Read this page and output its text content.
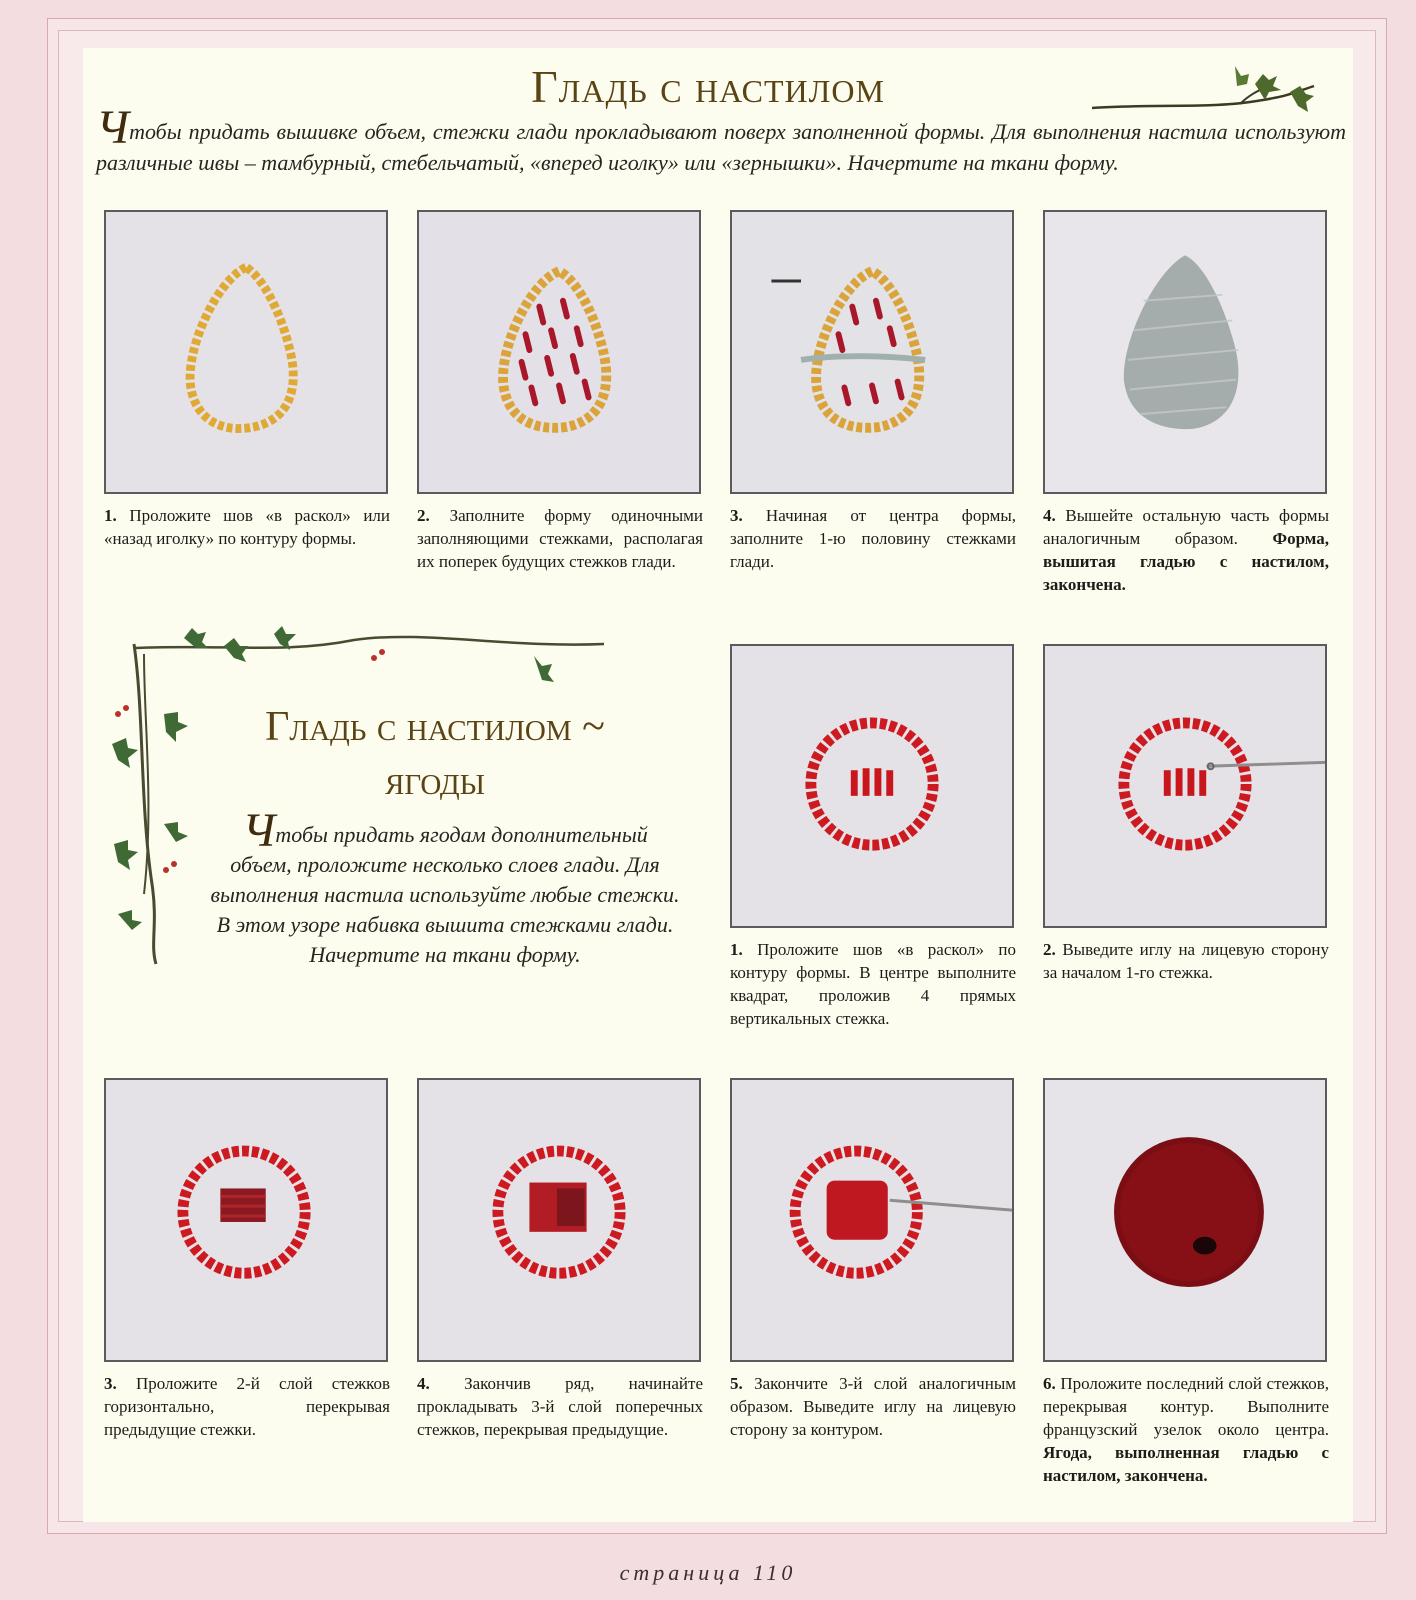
Гладь с настилом

Чтобы придать вышивке объем, стежки глади прокладывают поверх заполненной формы. Для выполнения настила используют различные швы – тамбурный, стебельчатый, «вперед иголку» или «зернышки». Начертите на ткани форму.

1. Проложите шов «в раскол» или «назад иголку» по контуру формы.

2. Заполните форму одиночными заполняющими стежками, располагая их поперек будущих стежков глади.

3. Начиная от центра формы, заполните 1-ю половину стежками глади.

4. Вышейте остальную часть формы аналогичным образом. Форма, вышитая гладью с настилом, закончена.

Гладь с настилом ~
ягоды

Чтобы придать ягодам дополнительный объем, проложите несколько слоев глади. Для выполнения настила используйте любые стежки. В этом узоре набивка вышита стежками глади. Начертите на ткани форму.	1. Проложите шов «в раскол» по контуру формы. В центре выполните квадрат, проложив 4 прямых вертикальных стежка.

2. Выведите иглу на лицевую сторону за началом 1-го стежка.

3. Проложите 2-й слой стежков горизонтально, перекрывая предыдущие стежки.

4. Закончив ряд, начинайте прокладывать 3-й слой поперечных стежков, перекрывая предыдущие.

5. Закончите 3-й слой аналогичным образом. Выведите иглу на лицевую сторону за контуром.

6. Проложите последний слой стежков, перекрывая контур. Выполните французский узелок около центра. Ягода, выполненная гладью с настилом, закончена.

страница 110
